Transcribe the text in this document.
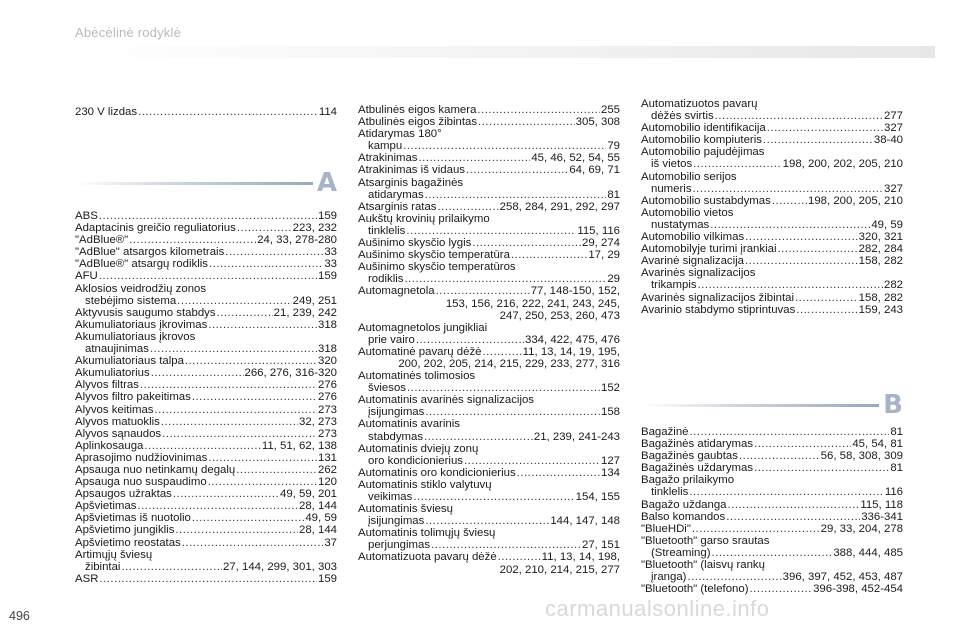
Abėcėlinė rodyklė
230 V lizdas .....	114
A
ABS .....	159
Adaptacinis greičio reguliatorius .....	223, 232
"AdBlue®" .....	24, 33, 278-280
"AdBlue" atsargos kilometrais .....	33
"AdBlue®" atsargų rodiklis .....	33
AFU .....	159
Aklosios veidrodžių zonos
stebėjimo sistema .....	249, 251
Aktyvusis saugumo stabdys .....	21, 239, 242
Akumuliatoriaus įkrovimas .....	318
Akumuliatoriaus įkrovos
atnaujinimas .....	318
Akumuliatoriaus talpa .....	320
Akumuliatorius .....	266, 276, 316-320
Alyvos filtras .....	276
Alyvos filtro pakeitimas .....	276
Alyvos keitimas .....	273
Alyvos matuoklis .....	32, 273
Alyvos sąnaudos .....	273
Aplinkosauga .....	11, 51, 62, 138
Aprasojimo nudžiovinimas .....	131
Apsauga nuo netinkamų degalų .....	262
Apsauga nuo suspaudimo .....	120
Apsaugos užraktas .....	49, 59, 201
Apšvietimas .....	28, 144
Apšvietimas iš nuotolio .....	49, 59
Apšvietimo jungiklis .....	28, 144
Apšvietimo reostatas .....	37
Artimųjų šviesų
žibintai .....	27, 144, 299, 301, 303
ASR .....	159
Atbulinės eigos kamera .....	255
Atbulinės eigos žibintas .....	305, 308
Atidarymas 180°
kampu .....	79
Atrakinimas .....	45, 46, 52, 54, 55
Atrakinimas iš vidaus .....	64, 69, 71
Atsarginis bagažinės
atidarymas .....	81
Atsarginis ratas .....	258, 284, 291, 292, 297
Aukštų krovinių prilaikymo
tinklelis .....	115, 116
Aušinimo skysčio lygis .....	29, 274
Aušinimo skysčio temperatūra .....	17, 29
Aušinimo skysčio temperatūros
rodiklis .....	29
Automagnetola .....	77, 148-150, 152,
153, 156, 216, 222, 241, 243, 245,
247, 250, 253, 260, 473
Automagnetolos jungikliai
prie vairo .....	334, 422, 475, 476
Automatinė pavarų dėžė .....	11, 13, 14, 19, 195,
200, 202, 205, 214, 215, 229, 233, 277, 316
Automatinės tolimosios
šviesos .....	152
Automatinis avarinės signalizacijos
įsijungimas .....	158
Automatinis avarinis
stabdymas .....	21, 239, 241-243
Automatinis dviejų zonų
oro kondicionierius .....	127
Automatinis oro kondicionierius .....	134
Automatinis stiklo valytuvų
veikimas .....	154, 155
Automatinis šviesų
įsijungimas .....	144, 147, 148
Automatinis tolimųjų šviesų
perjungimas .....	27, 151
Automatizuota pavarų dėžė .....	11, 13, 14, 198,
202, 210, 214, 215, 277
Automatizuotos pavarų
dėžės svirtis .....	277
Automobilio identifikacija .....	327
Automobilio kompiuteris .....	38-40
Automobilio pajudėjimas
iš vietos .....	198, 200, 202, 205, 210
Automobilio serijos
numeris .....	327
Automobilio sustabdymas .....	198, 200, 205, 210
Automobilio vietos
nustatymas .....	49, 59
Automobilio vilkimas .....	320, 321
Automobilyje turimi įrankiai .....	282, 284
Avarinė signalizacija .....	158, 282
Avarinės signalizacijos
trikampis .....	282
Avarinės signalizacijos žibintai .....	158, 282
Avarinio stabdymo stiprintuvas .....	159, 243
B
Bagažinė .....	81
Bagažinės atidarymas .....	45, 54, 81
Bagažinės gaubtas .....	56, 58, 308, 309
Bagažinės uždarymas .....	81
Bagažo prilaikymo
tinklelis .....	116
Bagažo uždanga .....	115, 118
Balso komandos .....	336-341
"BlueHDi" .....	29, 33, 204, 278
"Bluetooth" garso srautas
(Streaming) .....	388, 444, 485
"Bluetooth" (laisvų rankų
įranga) .....	396, 397, 452, 453, 487
"Bluetooth" (telefono) .....	396-398, 452-454
496	carmanualsonline.info
